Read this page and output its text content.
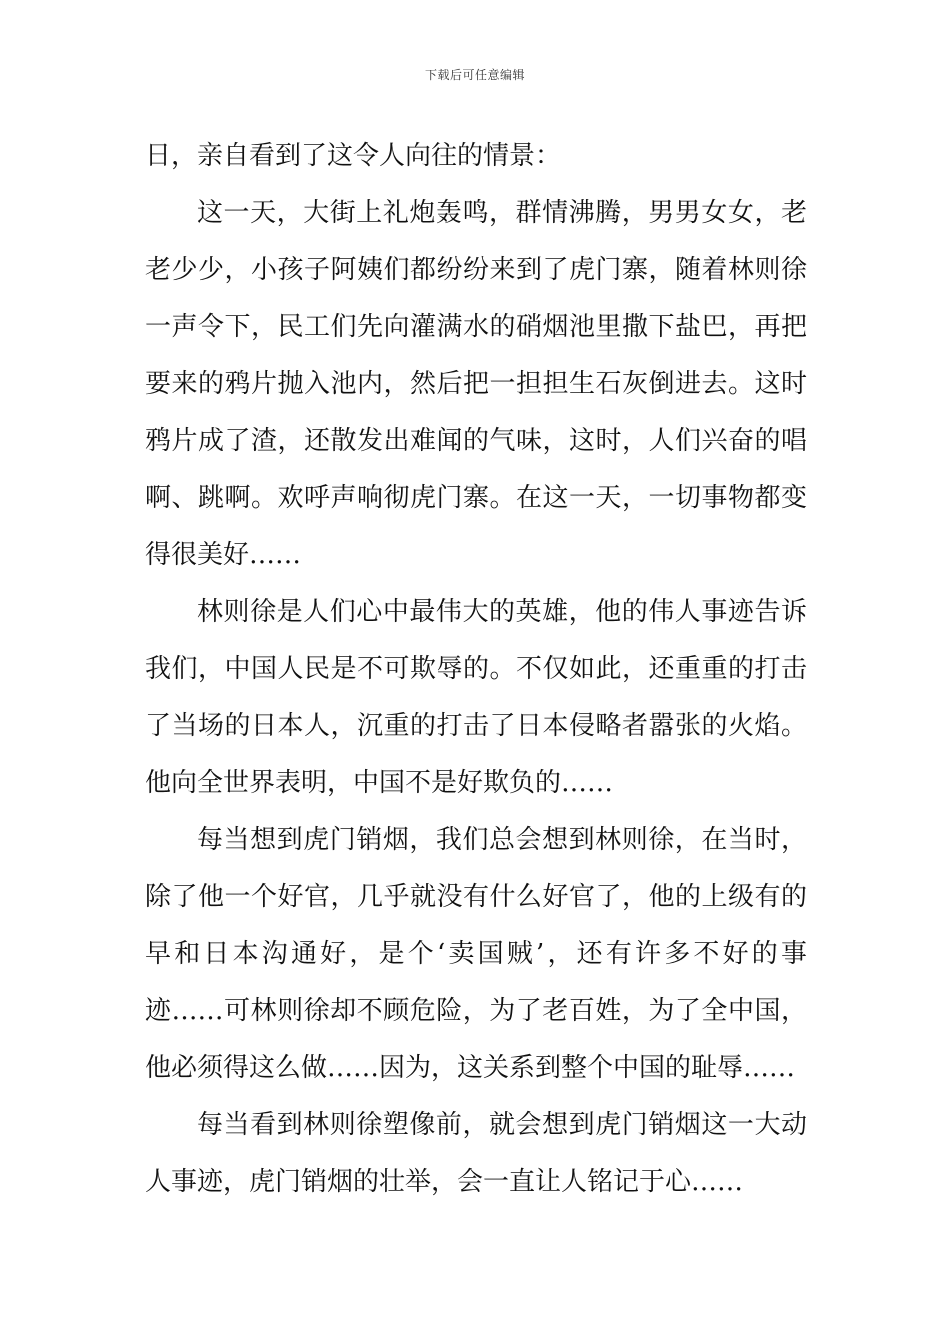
下载后可任意编辑

日，亲自看到了这令人向往的情景：

这一天，大街上礼炮轰鸣，群情沸腾，男男女女，老老少少，小孩子阿姨们都纷纷来到了虎门寨，随着林则徐一声令下，民工们先向灌满水的硝烟池里撒下盐巴，再把要来的鸦片抛入池内，然后把一担担生石灰倒进去。这时鸦片成了渣，还散发出难闻的气味，这时，人们兴奋的唱啊、跳啊。欢呼声响彻虎门寨。在这一天，一切事物都变得很美好……

林则徐是人们心中最伟大的英雄，他的伟人事迹告诉我们，中国人民是不可欺辱的。不仅如此，还重重的打击了当场的日本人，沉重的打击了日本侵略者嚣张的火焰。他向全世界表明，中国不是好欺负的……

每当想到虎门销烟，我们总会想到林则徐，在当时，除了他一个好官，几乎就没有什么好官了，他的上级有的早和日本沟通好，是个‘卖国贼’，还有许多不好的事迹……可林则徐却不顾危险，为了老百姓，为了全中国，他必须得这么做……因为，这关系到整个中国的耻辱……

每当看到林则徐塑像前，就会想到虎门销烟这一大动人事迹，虎门销烟的壮举，会一直让人铭记于心……
